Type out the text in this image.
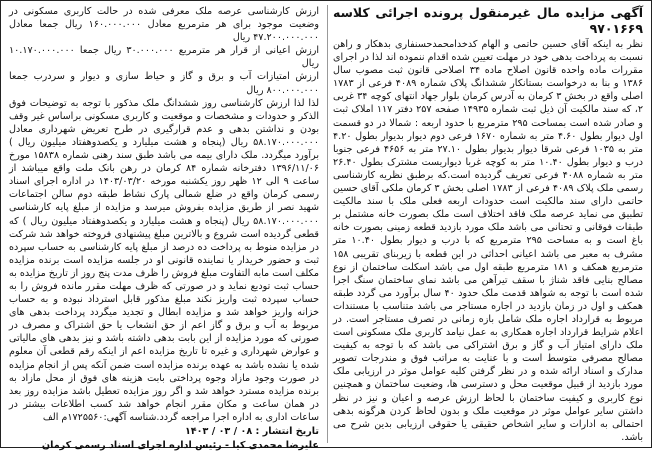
آگهی مزایده مال غیرمنقول پرونده اجرائی کلاسه ۹۷۰۱۶۶۹

نظر به اینکه آقای حسین حاتمی و الهام کدخدامحمدحسنفاری بدهکار و راهن نسبت به پرداخت بدهی خود در مهلت تعیین شده اقدام ننموده اند لذا در اجرای مقررات ماده واحده قانون اصلاح ماده ۳۴ اصلاحی قانون ثبت مصوب سال ۱۳۸۶ و بنا به درخواست بستانکار ششدانگ پلاک شماره ۴۰۸۹ فرعی از ۱۷۸۳ اصلی واقع در بخش ۳ کرمان به آدرس کرمان بلوار جهاد انتهای کوچه ۳۴ غربی ۲، که سند مالکیت آن ذیل ثبت شماره ۱۴۹۳۵ صفحه ۲۵۷ دفتر ۱۱۷ املاک ثبت و صادر شده است بمساحت ۲۹۵ مترمربع با حدود اربعه : شمالا در دو قسمت اول دیوار بطول ۴.۶۰ متر به شماره ۱۶۷۰ فرعی دوم دیوار بدیوار بطول ۴.۲۰ متر به ۱۰۳۵ فرعی شرقا دیوار بدیوار بطول ۲۷.۱۰ متر به ۴۶۵۶ فرعی جنوبا درب و دیوار بطول ۱۰.۴۰ متر به کوچه غربا دیواریست مشترک بطول ۲۶.۴۰ متر به شماره ۴۰۸۸ فرعی تعریف گردیده است.که برطبق نظریه کارشناسی رسمی ملک پلاک ۴۰۸۹ فرعی از ۱۷۸۳ اصلی بخش ۳ کرمان ملکی آقای حسین حاتمی دارای سند مالکیت است حدودات اربعه فعلی ملک با سند مالکیت تطبیق می نماید عرصه ملک فاقد اختلاف است ملک بصورت خانه مشتمل بر طبقات فوقانی و تحتانی می باشد ملک مورد بازدید قطعه زمینی بصورت خانه باغ است و به مساحت ۲۹۵ مترمربع که با درب و دیوار بطول ۱۰.۴۰ متر مشرف به معبر می باشد اعیانی احداثی در این قطعه با زیربنای تقریبی ۱۵۸ مترمربع همکف و ۱۸۱ مترمربع طبقه اول می باشد اسکلت ساختمان از نوع مصالح بنایی فاقد شناژ با سقف تیرآهن می باشد نمای ساختمان سنگ اجرا شده است با توجه به شواهد قدمت ملک حدود ۴۰ سال برآورد می گردد طبقه همکف و اول در زمان بازدید در اجاره مستاجر می باشد متناسب با مستندات مربوط به قرارداد اجاره ملک شامل بازه زمانی در تصرف مستاجر است. در اعلام شرایط قرارداد اجاره همکاری به عمل نیامد کاربری ملک مسکونی است ملک دارای امتیاز آب و گاز و برق اشتراکی می باشد که با توجه به کیفیت مصالح مصرفی متوسط است و با عنایت به مراتب فوق و مندرجات تصویر مدارک و اسناد ارائه شده و در نظر گرفتن کلیه عوامل موثر در ارزیابی ملک مورد بازدید از قبیل موقعیت محل و دسترسی ها، وضعیت ساختمان و همچنین نوع کاربری و کیفیت ساختمان با لحاظ ارزش عرصه و اعیان و نیز در نظر داشتن سایر عوامل موثر در موقعیت ملک و بدون لحاظ کردن هرگونه بدهی احتمالی به ادارات و سایر اشخاص حقیقی یا حقوقی ارزیابی بدین شرح می باشد.

ارزش کارشناسی عرصه ملک معرفی شده در حالت کاربری مسکونی در وضعیت موجود برای هر مترمربع معادل ۱۶۰.۰۰۰.۰۰۰ ریال جمعا معادل ۴۷.۲۰۰.۰۰۰.۰۰۰ ریال

ارزش اعیانی از قرار هر مترمربع ۳۰.۰۰۰.۰۰۰ ریال جمعا ۱۰.۱۷۰.۰۰۰.۰۰۰ ریال

ارزش امتیازات آب و برق و گاز و حیاط سازی و دیوار و سردرب جمعا ۸۰۰.۰۰۰.۰۰۰ ریال

لذا لذا ارزش کارشناسی روز ششدانگ ملک مذکور با توجه به توضیحات فوق الذکر و حدودات و مشخصات و موقعیت و کاربری مسکونی براساس غیر وقف بودن و نداشتن بدهی و عدم قرارگیری در طرح تعریض شهرداری معادل ۵۸.۱۷۰.۰۰۰.۰۰۰ ریال (پنجاه و هشت میلیارد و یکصدوهفتاد میلیون ریال ) برآورد میگردد. ملک دارای بیمه می باشد طبق سند رهنی شماره ۱۵۸۳۸ مورخ ۱۳۹۶/۱۱/۰۶ دفترخانه شماره ۸۴ کرمان در رهن بانک ملت واقع میباشد از ساعت ۹ الی ۱۲ ظهر روز یکشنبه مورخه ۱۴۰۳/۰۳/۲۰ در اداره اجرای اسناد رسمی کرمان واقع در ضلع شمالی پارک نشاط طبقه دوم سالن اجتماعات شهید نصر از طریق مزایده بفروش میرسد و مزایده از مبلغ پایه کارشناسی ۵۸.۱۷۰.۰۰۰.۰۰۰ ریال (پنجاه و هشت میلیارد و یکصدوهفتاد میلیون ریال ) که قطعی گردیده است شروع و بالاترین مبلغ پیشنهادی فروخته خواهد شد شرکت در مزایده منوط به پرداخت ده درصد از مبلغ پایه کارشناسی به حساب سپرده ثبت و حضور خریدار یا نماینده قانونی او در جلسه مزایده است برنده مزایده مکلف است مابه التفاوت مبلغ فروش را ظرف مدت پنج روز از تاریخ مزایده به حساب ثبت تودیع نماید و در صورتی که ظرف مهلت مقرر مانده فروش را به حساب سپرده ثبت واریز نکند مبلغ مذکور قابل استرداد نبوده و به حساب خزانه واریز خواهد شد و مزایده ابطال و تجدید میگردد پرداخت بدهی های مربوط به آب و برق و گاز اعم از حق انشعاب یا حق اشتراک و مصرف در صورتی که مورد مزایده از این بابت بدهی داشته باشد و نیز بدهی های مالیاتی و عوارض شهرداری و غیره تا تاریخ مزایده اعم از اینکه رقم قطعی آن معلوم شده یا نشده باشد به عهده برنده مزایده است ضمن آنکه پس از انجام مزایده در صورت وجود مازاد وجوه پرداختی بابت هزینه های فوق از محل مازاد به برنده مزایده مسترد خواهد شد و اگر روز مزایده تعطیل باشد مزایده روز بعد در همان ساعت و مکان مقرر انجام خواهد شد کسب اطلاعات بیشتر در ساعات اداری به اداره اجرا مراجعه گردد.شناسه آگهی:۱۷۲۵۵۶۰م الف

تاریخ انتشار : ۰۸ / ۰۳ / ۱۴۰۳
علیرضا محمدی کیا - رئیس اداره اجرای اسناد رسمی کرمان
